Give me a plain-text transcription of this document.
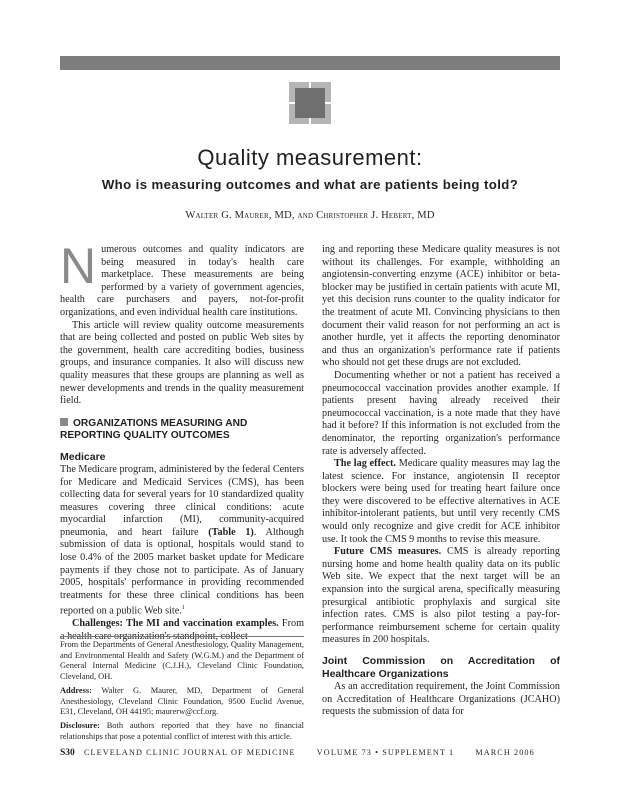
Quality measurement:
Who is measuring outcomes and what are patients being told?
Walter G. Maurer, MD, and Christopher J. Hebert, MD

Numerous outcomes and quality indicators are being measured in today's health care marketplace. These measurements are being performed by a variety of government agencies, health care purchasers and payers, not-for-profit organizations, and even individual health care institutions.

This article will review quality outcome measurements that are being collected and posted on public Web sites by the government, health care accrediting bodies, business groups, and insurance companies. It also will discuss new quality measures that these groups are planning as well as newer developments and trends in the quality measurement field.

ORGANIZATIONS MEASURING AND REPORTING QUALITY OUTCOMES
Medicare

The Medicare program, administered by the federal Centers for Medicare and Medicaid Services (CMS), has been collecting data for several years for 10 standardized quality measures covering three clinical conditions: acute myocardial infarction (MI), community-acquired pneumonia, and heart failure (Table 1). Although submission of data is optional, hospitals would stand to lose 0.4% of the 2005 market basket update for Medicare payments if they chose not to participate. As of January 2005, hospitals' performance in providing recommended treatments for these three clinical conditions has been reported on a public Web site.$^1$

Challenges: The MI and vaccination examples. From

From the Departments of General Anesthesiology, Quality Management, and Environmental Health and Safety (W.G.M.) and the Department of General Internal Medicine (C.J.H.), Cleveland Clinic Foundation, Cleveland, OH.

Address: Walter G. Maurer, MD, Department of General Anesthesiology, Cleveland Clinic Foundation, 9500 Euclid Avenue, E31, Cleveland, OH 44195; maurerw@ccf.org.

Disclosure: Both authors reported that they have no financial relationships that pose a potential conflict of interest with this article.

ing and reporting these Medicare quality measures is not without its challenges. For example, withholding an angiotensin-converting enzyme (ACE) inhibitor or beta-blocker may be justified in certain patients with acute MI, yet this decision runs counter to the quality indicator for the treatment of acute MI. Convincing physicians to then document their valid reason for not performing an act is another hurdle, yet it affects the reporting denominator and thus an organization's performance rate if patients who should not get these drugs are not excluded.

Documenting whether or not a patient has received a pneumococcal vaccination provides another example. If patients present having already received their pneumococcal vaccination, is a note made that they have had it before? If this information is not excluded from the denominator, the reporting organization's performance rate is adversely affected.

The lag effect. Medicare quality measures may lag the latest science. For instance, angiotensin II receptor blockers were being used for treating heart failure once they were discovered to be effective alternatives in ACE inhibitor-intolerant patients, but until very recently CMS would only recognize and give credit for ACE inhibitor use. It took the CMS 9 months to revise this measure.

Future CMS measures. CMS is already reporting nursing home and home health quality data on its public Web site. We expect that the next target will be an expansion into the surgical arena, specifically measuring presurgical antibiotic prophylaxis and surgical site infection rates. CMS is also pilot testing a pay-for-performance reimbursement scheme for certain quality measures in 200 hospitals.

Joint Commission on Accreditation of Healthcare Organizations

As an accreditation requirement, the Joint Commission on Accreditation of Healthcare Organizations (JCAHO) requests the submission of data for

S30 CLEVELAND CLINIC JOURNAL OF MEDICINE	VOLUME 73 • SUPPLEMENT 1	MARCH 2006
